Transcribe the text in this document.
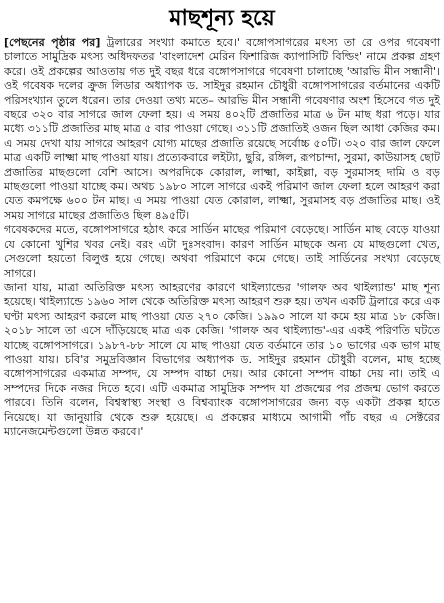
মাছশূন্য হয়ে

[পেছনের পৃষ্ঠার পর] ট্রলারের সংখ্যা কমাতে হবে।' বঙ্গোপসাগরের মৎস্য তা রে ওপর গবেষণা চালাতে সামুদ্রিক মৎস্য অধিদফতর 'বাংলাদেশ মেরিন ফিশারিজ ক্যাপাসিটি বিল্ডিং' নামে প্রকল্প গ্রহণ করে। ওই প্রকল্পের আওতায় গত দুই বছর ধরে বঙ্গোপসাগরে গবেষণা চালাচ্ছে 'আরভি মীন সন্ধানী'। ওই গবেষক দলের ক্রুজ লিডার অধ্যাপক ড. সাইদুর রহমান চৌধুরী বঙ্গোপসাগরের বর্তমানের একটি পরিসংখ্যান তুলে ধরেন। তার দেওয়া তথ্য মতে– আরভি মীন সন্ধানী গবেষণার অংশ হিসেবে গত দুই বছরে ৩২০ বার সাগরে জাল ফেলা হয়। এ সময় ৪০২টি প্রজাতির মাত্র ৬ টন মাছ ধরা পড়ে। যার মধ্যে ৩১১টি প্রজাতির মাছ মাত্র ৫ বার পাওয়া গেছে। ৩১১টি প্রজাতিই ওজন ছিল আধা কেজির কম। এ সময় দেখা যায় সাগরে আহরণ যোগ্য মাছের প্রজাতি রয়েছে সর্বোচ্চ ৫০টি। ৩২০ বার জাল ফেলে মাত্র একটি লাক্ষ্মা মাছ পাওয়া যায়। প্রত্যেকবারে লইট্যা, ছুরি, রঙ্গিল, রূপচান্দা, সুরমা, কাউয়াসহ ছোট প্রজাতির মাছগুলো বেশি আসে। অপরদিকে কোরাল, লাক্ষ্মা, কাইল্লা, বড় সুরমাসহ দামি ও বড় মাছগুলো পাওয়া যাচ্ছে কম। অথচ ১৯৮০ সালে সাগরে একই পরিমাণ জাল ফেলা হলে আহরণ করা যেত কমপক্ষে ৬০০ টন মাছ। এ সময় পাওয়া যেত কোরাল, লাক্ষ্মা, সুরমাসহ বড় প্রজাতির মাছ। ওই সময় সাগরে মাছের প্রজাতিও ছিল ৪৯৫টি।

গবেষকদের মতে, বঙ্গোপসাগরে হঠাৎ করে সার্ডিন মাছের পরিমাণ বেড়েছে। সার্ডিন মাছ বেড়ে যাওয়া যে কোনো খুশির খবর নেই। বরং এটা দুঃসংবাদ। কারণ সার্ডিন মাছকে অন্য যে মাছগুলো খেত, সেগুলো হয়তো বিলুপ্ত হয়ে গেছে। অথবা পরিমাণে কমে গেছে। তাই সার্ডিনের সংখ্যা বেড়েছে সাগরে।

জানা যায়, মাত্রা অতিরিক্ত মৎস্য আহরণের কারণে থাইল্যান্ডের 'গালফ অব থাইল্যান্ড' মাছ শূন্য হয়েছে। থাইল্যান্ডে ১৯৬০ সাল থেকে অতিরিক্ত মৎস্য আহরণ শুরু হয়। তখন একটি ট্রলারে করে এক ঘণ্টা মৎস্য আহরণ করলে মাছ পাওয়া যেত ২৭০ কেজি। ১৯৯০ সালে যা কমে হয় মাত্র ১৮ কেজি। ২০১৮ সালে তা এসে দাঁড়িয়েছে মাত্র এক কেজি। 'গালফ অব থাইল্যান্ড'-এর একই পরিণতি ঘটতে যাচ্ছে বঙ্গোপসাগরে। ১৯৮৭-৮৮ সালে যে মাছ পাওয়া যেত বর্তমানে তার ১০ ভাগের এক ভাগ মাছ পাওয়া যায়। চবি'র সমুদ্রবিজ্ঞান বিভাগের অধ্যাপক ড. সাইদুর রহমান চৌধুরী বলেন, মাছ হচ্ছে বঙ্গোপসাগরের একমাত্র সম্পদ, যে সম্পদ বাচ্চা দেয়। আর কোনো সম্পদ বাচ্চা দেয় না। তাই এ সম্পদের দিকে নজর দিতে হবে। এটি একমাত্র সামুদ্রিক সম্পদ যা প্রজন্মের পর প্রজন্ম ভোগ করতে পারবে। তিনি বলেন, বিশ্বস্বাস্থ্য সংস্থা ও বিশ্বব্যাংক বঙ্গোপসাগরের জন্য বড় একটা প্রকল্প হাতে নিয়েছে। যা জানুয়ারি থেকে শুরু হয়েছে। এ প্রকল্পের মাধ্যমে আগামী পাঁচ বছর এ সেক্টরের ম্যানেজমেন্টগুলো উন্নত করবে।'
